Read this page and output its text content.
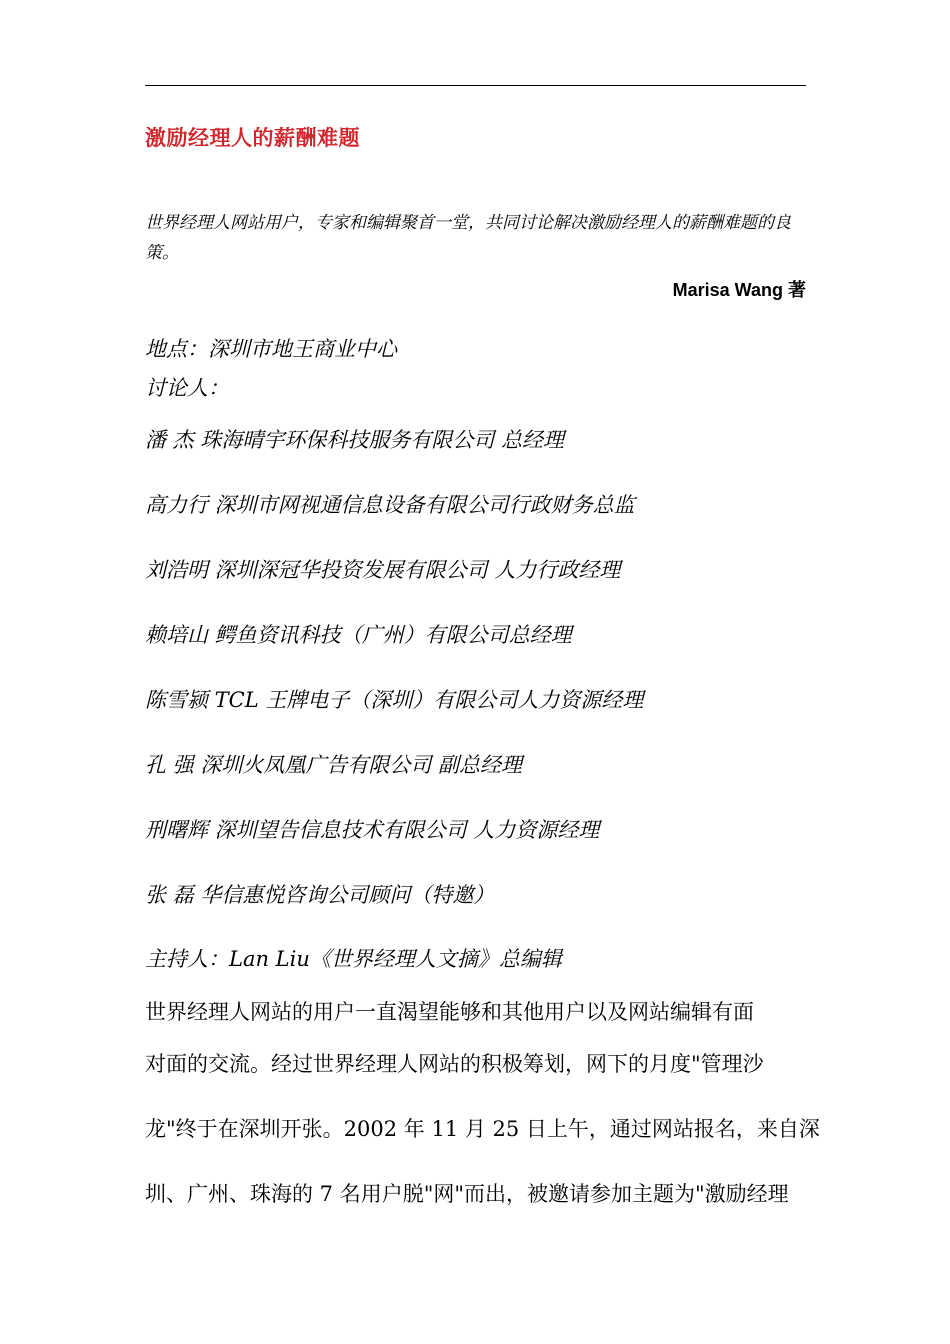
激励经理人的薪酬难题
世界经理人网站用户，专家和编辑聚首一堂，共同讨论解决激励经理人的薪酬难题的良策。
Marisa Wang 著
地点：深圳市地王商业中心
讨论人：
潘 杰 珠海晴宇环保科技服务有限公司 总经理
高力行 深圳市网视通信息设备有限公司行政财务总监
刘浩明 深圳深冠华投资发展有限公司 人力行政经理
赖培山 鳄鱼资讯科技（广州）有限公司总经理
陈雪颍 TCL 王牌电子（深圳）有限公司人力资源经理
孔 强 深圳火凤凰广告有限公司 副总经理
刑曙辉 深圳望告信息技术有限公司 人力资源经理
张 磊 华信惠悦咨询公司顾问（特邀）
主持人：Lan Liu《世界经理人文摘》总编辑
世界经理人网站的用户一直渴望能够和其他用户以及网站编辑有面
对面的交流。经过世界经理人网站的积极筹划，网下的月度"管理沙
龙"终于在深圳开张。2002 年 11 月 25 日上午，通过网站报名，来自深
圳、广州、珠海的 7 名用户脱"网"而出，被邀请参加主题为"激励经理
